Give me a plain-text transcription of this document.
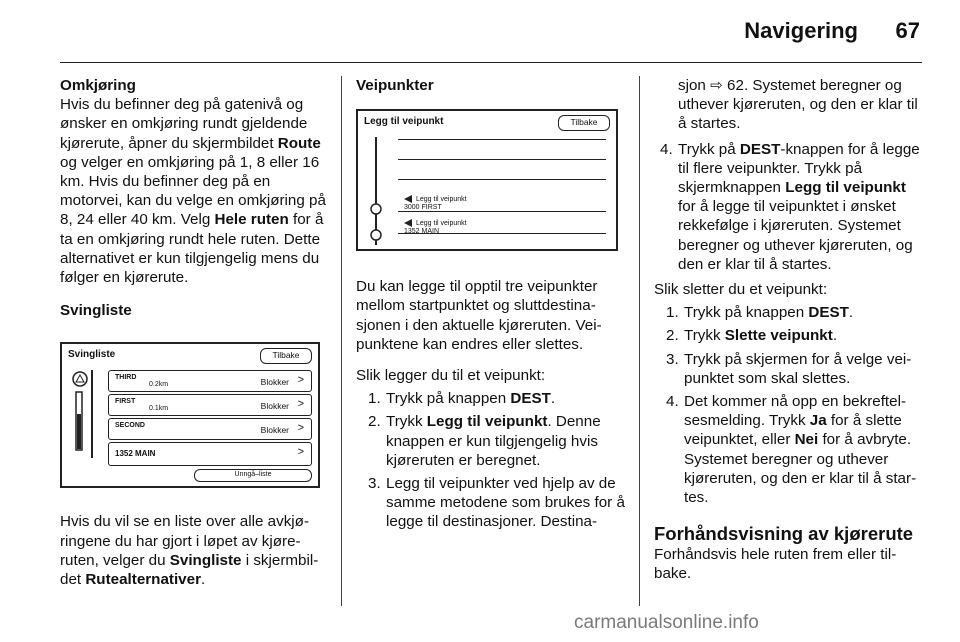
Navigering 67

Omkjøring
Hvis du befinner deg på gatenivå og ønsker en omkjøring rundt gjeldende kjørerute, åpner du skjermbildet Route og velger en omkjøring på 1, 8 eller 16 km. Hvis du befinner deg på en motorvei, kan du velge en omkjøring på 8, 24 eller 40 km. Velg Hele ruten for å ta en omkjøring rundt hele ruten. Dette alternativet er kun tilgjengelig mens du følger en kjørerute.

Svingliste
Svingliste	Tilbake
THIRD
0.2km	Blokker >
FIRST
0.1km	Blokker >
SECOND	Blokker >
1352 MAIN	>
Unngå–liste

Hvis du vil se en liste over alle avkjøringene du har gjort i løpet av kjøreruten, velger du Svingliste i skjermbildet Rutealternativer.

Veipunkter
Legg til veipunkt	Tilbake
Legg til veipunkt
3000 FIRST
Legg til veipunkt
1352 MAIN

Du kan legge til opptil tre veipunkter mellom startpunktet og sluttdestinasjonen i den aktuelle kjøreruten. Veipunktene kan endres eller slettes.

Slik legger du til et veipunkt:

1. Trykk på knappen DEST.
2. Trykk Legg til veipunkt. Denne knappen er kun tilgjengelig hvis kjøreruten er beregnet.
3. Legg til veipunkter ved hjelp av de samme metodene som brukes for å legge til destinasjoner. Destina-
sjon ⇨ 62. Systemet beregner og uthever kjøreruten, og den er klar til å startes.
4. Trykk på DEST-knappen for å legge til flere veipunkter. Trykk på skjermknappen Legg til veipunkt for å legge til veipunktet i ønsket rekkefølge i kjøreruten. Systemet beregner og uthever kjøreruten, og den er klar til å startes.

Slik sletter du et veipunkt:

1. Trykk på knappen DEST.
2. Trykk Slette veipunkt.
3. Trykk på skjermen for å velge veipunktet som skal slettes.
4. Det kommer nå opp en bekreftelsesmelding. Trykk Ja for å slette veipunktet, eller Nei for å avbryte. Systemet beregner og uthever kjøreruten, og den er klar til å startes.
Forhåndsvisning av kjørerute

Forhåndsvis hele ruten frem eller tilbake.

carmanualsonline.info
